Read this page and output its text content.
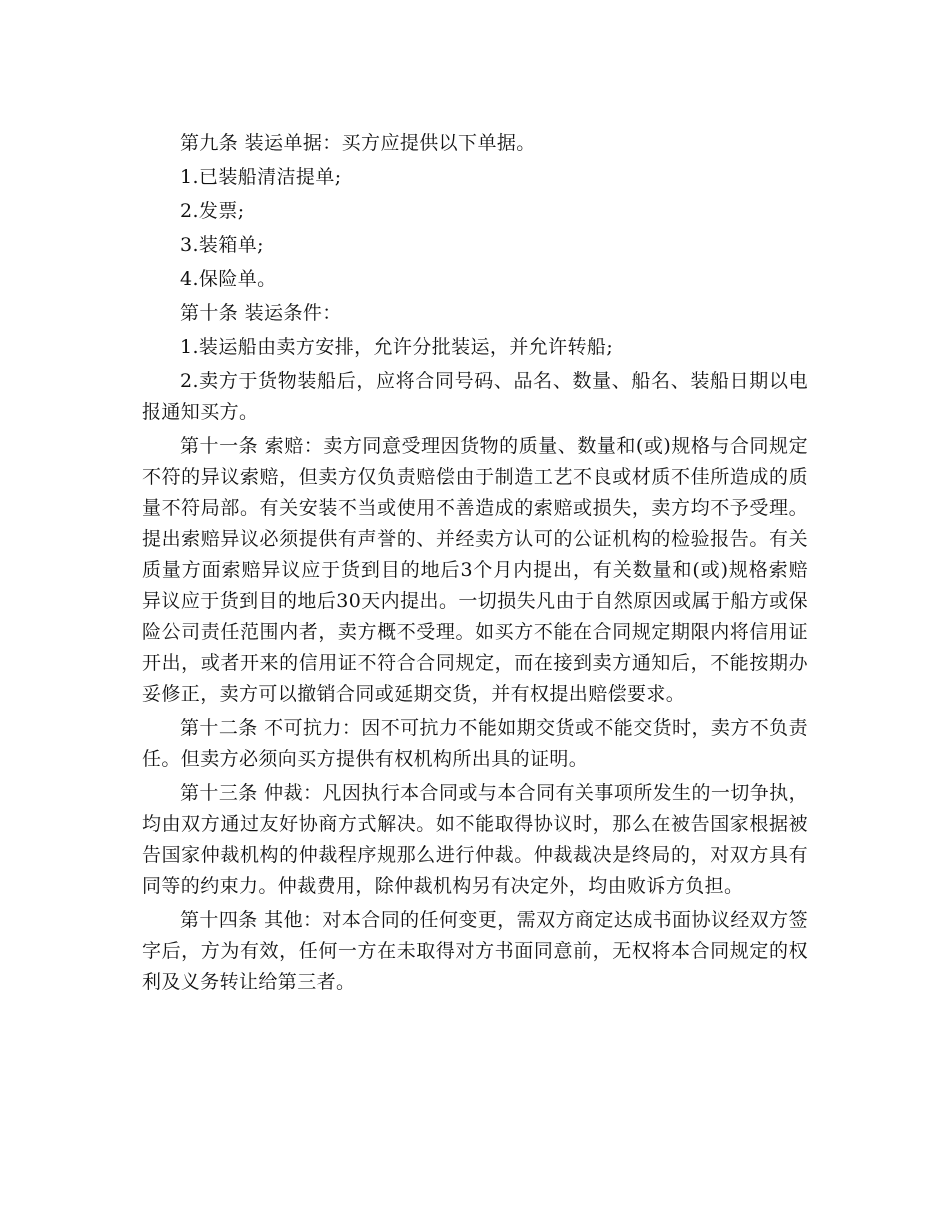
第九条 装运单据：买方应提供以下单据。

1.已装船清洁提单;

2.发票;

3.装箱单;

4.保险单。

第十条 装运条件：

1.装运船由卖方安排，允许分批装运，并允许转船;

2.卖方于货物装船后，应将合同号码、品名、数量、船名、装船日期以电报通知买方。

第十一条 索赔：卖方同意受理因货物的质量、数量和(或)规格与合同规定不符的异议索赔，但卖方仅负责赔偿由于制造工艺不良或材质不佳所造成的质量不符局部。有关安装不当或使用不善造成的索赔或损失，卖方均不予受理。提出索赔异议必须提供有声誉的、并经卖方认可的公证机构的检验报告。有关质量方面索赔异议应于货到目的地后3个月内提出，有关数量和(或)规格索赔异议应于货到目的地后30天内提出。一切损失凡由于自然原因或属于船方或保险公司责任范围内者，卖方概不受理。如买方不能在合同规定期限内将信用证开出，或者开来的信用证不符合合同规定，而在接到卖方通知后，不能按期办妥修正，卖方可以撤销合同或延期交货，并有权提出赔偿要求。

第十二条 不可抗力：因不可抗力不能如期交货或不能交货时，卖方不负责任。但卖方必须向买方提供有权机构所出具的证明。

第十三条 仲裁：凡因执行本合同或与本合同有关事项所发生的一切争执，均由双方通过友好协商方式解决。如不能取得协议时，那么在被告国家根据被告国家仲裁机构的仲裁程序规那么进行仲裁。仲裁裁决是终局的，对双方具有同等的约束力。仲裁费用，除仲裁机构另有决定外，均由败诉方负担。

第十四条 其他：对本合同的任何变更，需双方商定达成书面协议经双方签字后，方为有效，任何一方在未取得对方书面同意前，无权将本合同规定的权利及义务转让给第三者。
